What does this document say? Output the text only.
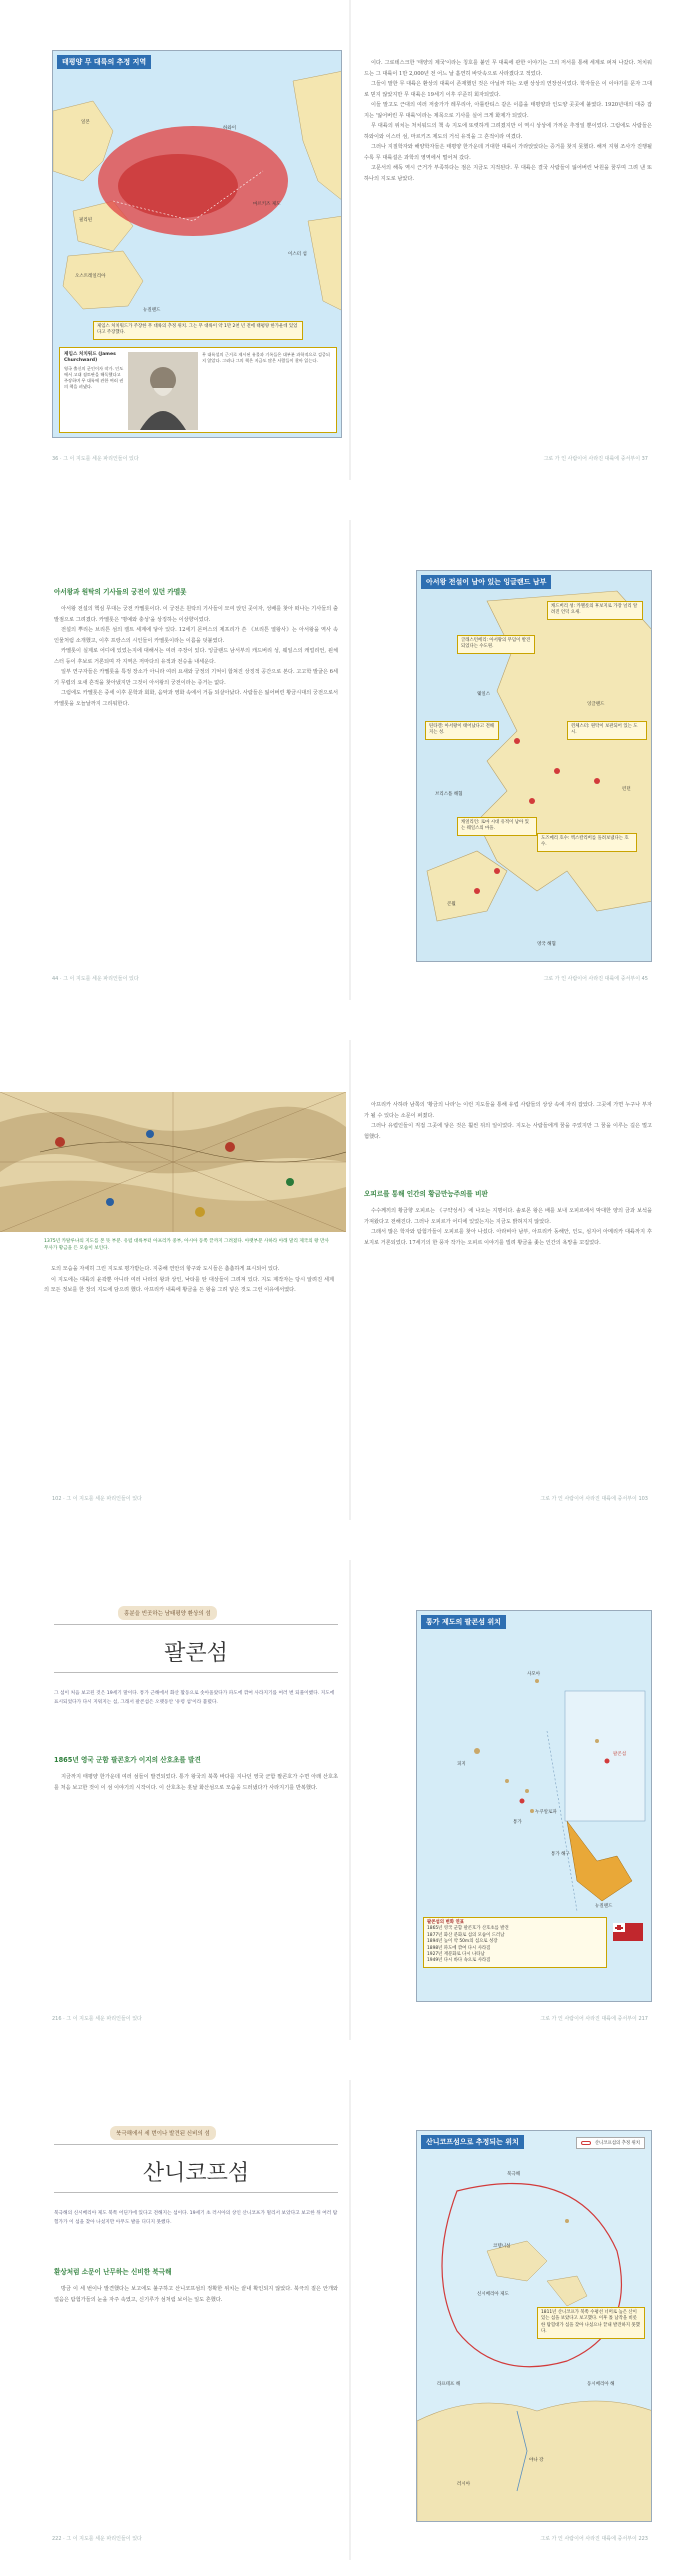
태평양 무 대륙의 추정 지역
하와이
마르키즈 제도
이스터 섬
오스트레일리아
뉴질랜드
일본
필리핀
제임스 처치워드가 주장한 무 대륙의 추정 위치. 그는 무 대륙이 약 1만 2천 년 전에 태평양 한가운데 있었다고 주장했다.
제임스 처치워드 (James Churchward)
영국 출신의 군인이자 작가. 인도에서 고대 점토판을 해독했다고 주장하며 무 대륙에 관한 여러 권의 책을 펴냈다.
무 대륙설의 근거로 제시된 유물과 기록들은 대부분 과학적으로 검증되지 않았다. 그러나 그의 책은 지금도 많은 사람들이 찾아 읽는다.
36 · 그 이 지도를 세운 파리인들이 있다

이다. 그로테스크한 '태양의 제국'이라는 칭호를 붙인 무 대륙에 관한 이야기는 그의 저서를 통해 세계로 퍼져 나갔다. 처치워드는 그 대륙이 1만 2,000년 전 어느 날 홀연히 바닷속으로 사라졌다고 적었다.

그들이 말한 무 대륙은 환상의 대륙이 존재했던 것은 아닐까 하는 오랜 상상의 연장선이었다. 학자들은 이 이야기를 문자 그대로 믿지 않았지만 무 대륙은 19세기 이후 꾸준히 회자되었다.

이들 말고도 근대의 여러 저술가가 레무리아, 아틀란티스 같은 이름을 태평양과 인도양 곳곳에 붙였다. 1920년대의 대중 잡지는 '잃어버린 무 대륙'이라는 제목으로 기사를 실어 크게 화제가 되었다.

무 대륙의 위치는 처치워드의 책 속 지도에 또렷하게 그려졌지만 이 역시 상상에 가까운 추정일 뿐이었다. 그럼에도 사람들은 하와이와 이스터 섬, 마르키즈 제도의 거석 유적을 그 흔적이라 여겼다.

그러나 지질학자와 해양학자들은 태평양 한가운데 거대한 대륙이 가라앉았다는 증거를 찾지 못했다. 해저 지형 조사가 진행될수록 무 대륙설은 과학의 영역에서 멀어져 갔다.

고문서의 해독 역시 근거가 부족하다는 점은 지금도 지적된다. 무 대륙은 결국 사람들이 잃어버린 낙원을 꿈꾸며 그려 낸 또 하나의 지도로 남았다.

그로 가 인 사람이어 사라진 대륙에 중서부이 37
아서왕과 원탁의 기사들의 궁전이 있던 카멜롯

아서왕 전설의 핵심 무대는 궁전 카멜롯이다. 이 궁전은 원탁의 기사들이 모여 앉던 곳이자, 성배를 찾아 떠나는 기사들의 출발점으로 그려졌다. 카멜롯은 '명예와 충성'을 상징하는 이상향이었다.

전설의 뿌리는 브리튼 섬의 켈트 세계에 닿아 있다. 12세기 몬머스의 제프리가 쓴 《브리튼 열왕사》는 아서왕을 역사 속 인물처럼 소개했고, 이후 프랑스의 시인들이 카멜롯이라는 이름을 덧붙였다.

카멜롯이 실제로 어디에 있었는지에 대해서는 여러 주장이 있다. 잉글랜드 남서부의 캐드버리 성, 웨일스의 캐얼리언, 윈체스터 등이 후보로 거론되며 각 지역은 저마다의 유적과 전승을 내세운다.

일부 연구자들은 카멜롯을 특정 장소가 아니라 여러 요새와 궁정의 기억이 합쳐진 상징적 공간으로 본다. 고고학 발굴은 6세기 무렵의 요새 흔적을 찾아냈지만 그것이 아서왕의 궁전이라는 증거는 없다.

그럼에도 카멜롯은 중세 이후 문학과 회화, 음악과 영화 속에서 거듭 되살아났다. 사람들은 잃어버린 황금시대의 궁전으로서 카멜롯을 오늘날까지 그리워한다.

44 · 그 이 지도를 세운 파리인들이 있다
아서왕 전설이 남아 있는 잉글랜드 남부
웨일스
잉글랜드
콘월
런던
브리스틀 해협
영국 해협
캐드버리 성: 카멜롯의 후보지로 가장 널리 알려진 언덕 요새.
글래스턴베리: 아서왕의 무덤이 발견되었다는 수도원.
틴타겔: 아서왕이 태어났다고 전해지는 성.
윈체스터: 원탁이 보관되어 있는 도시.
캐얼리언: 로마 시대 유적이 남아 있는 웨일스의 마을.
도즈메리 호수: 엑스칼리버를 돌려보냈다는 호수.
그로 가 인 사람이어 사라진 대륙에 중서부이 45
1375년 카탈루냐의 지도를 본 뜻 부분. 유럽 대륙부터 아프리카 중부, 아시아 동쪽 끝까지 그려졌다. 아랫부분 사하라 아래 말리 제국의 왕 만사 무사가 황금을 든 모습이 보인다.

도의 모습을 자세히 그린 지도로 평가받는다. 지중해 연안의 항구와 도시들은 촘촘하게 표시되어 있다.

이 지도에는 대륙의 윤곽뿐 아니라 여러 나라의 왕과 상인, 낙타를 탄 대상들이 그려져 있다. 지도 제작자는 당시 알려진 세계의 모든 정보를 한 장의 지도에 담으려 했다. 아프리카 내륙에 황금을 든 왕을 그려 넣은 것도 그런 이유에서였다.

102 · 그 이 지도를 세운 파리인들이 있다

아프리카 사하라 남쪽의 '황금의 나라'는 이런 지도들을 통해 유럽 사람들의 상상 속에 자리 잡았다. 그곳에 가면 누구나 부자가 될 수 있다는 소문이 퍼졌다.

그러나 유럽인들이 직접 그곳에 닿은 것은 훨씬 뒤의 일이었다. 지도는 사람들에게 꿈을 주었지만 그 꿈을 이루는 길은 멀고 험했다.

오피르를 통해 인간의 황금만능주의를 비판

수수께끼의 황금향 오피르는 《구약성서》에 나오는 지명이다. 솔로몬 왕은 배를 보내 오피르에서 막대한 양의 금과 보석을 가져왔다고 전해진다. 그러나 오피르가 어디에 있었는지는 지금도 밝혀지지 않았다.

그래서 많은 학자와 탐험가들이 오피르를 찾아 나섰다. 아라비아 남부, 아프리카 동해안, 인도, 심지어 아메리카 대륙까지 후보지로 거론되었다. 17세기의 한 풍자 작가는 오피르 이야기를 빌려 황금을 좇는 인간의 욕망을 꼬집었다.

그로 가 인 사람이어 사라진 대륙에 중서부이 103
흥분을 빈곳하는 남태평양 환상의 섬
팔콘섬
그 섬이 처음 보고된 것은 19세기 말이다. 통가 근해에서 화산 활동으로 솟아올랐다가 파도에 깎여 사라지기를 여러 번 되풀이했다. 지도에 표시되었다가 다시 지워지는 섬, 그래서 팔콘섬은 오랫동안 '유령 섬'이라 불렸다.
1865년 영국 군함 팔콘호가 이지의 산호초를 발견

지금까지 태평양 한가운데 여러 섬들이 발견되었다. 통가 왕국의 북쪽 바다를 지나던 영국 군함 팔콘호가 수면 아래 산호초를 처음 보고한 것이 이 섬 이야기의 시작이다. 이 산호초는 훗날 화산섬으로 모습을 드러냈다가 사라지기를 반복했다.

216 · 그 이 지도를 세운 파리인들이 있다
통가 제도의 팔콘섬 위치
사모아
피지
통가
팔콘섬
누쿠알로파
뉴질랜드
통가 해구
팔콘섬의 변화 연표
1865년 영국 군함 팔콘호가 산호초를 발견
1877년 화산 분화로 섬의 모습이 드러남
1894년 높이 약 50m의 섬으로 성장
1898년 파도에 깎여 다시 사라짐
1927년 재분화로 다시 나타남
1949년 다시 바다 속으로 사라짐
그로 가 인 사람이어 사라진 대륙에 중서부이 217
북극해에서 세 번이나 발견된 신비의 섬
산니코프섬
북극해의 신시베리아 제도 북쪽 어딘가에 있다고 전해지는 섬이다. 19세기 초 러시아의 상인 산니코프가 멀리서 보았다고 보고한 뒤 여러 탐험가가 이 섬을 찾아 나섰지만 아무도 발을 디디지 못했다.
환상처럼 소문이 난무하는 신비한 북극해

방금 이 세 번이나 발견했다는 보고에도 불구하고 산니코프섬의 정확한 위치는 끝내 확인되지 않았다. 북극의 짙은 안개와 얼음은 탐험가들의 눈을 자주 속였고, 신기루가 섬처럼 보이는 일도 흔했다.

222 · 그 이 지도를 세운 파리인들이 있다
산니코프섬으로 추정되는 위치	산니코프섬의 추정 위치
북극해
신시베리아 제도
라프테프 해	동시베리아 해
코텔니섬
야나 강
러시아
1811년 산니코프가 북쪽 수평선 너머로 높은 산이 있는 섬을 보았다고 보고했다. 이후 톨 남작을 비롯한 탐험대가 섬을 찾아 나섰으나 끝내 발견하지 못했다.
그로 가 인 사람이어 사라진 대륙에 중서부이 223
